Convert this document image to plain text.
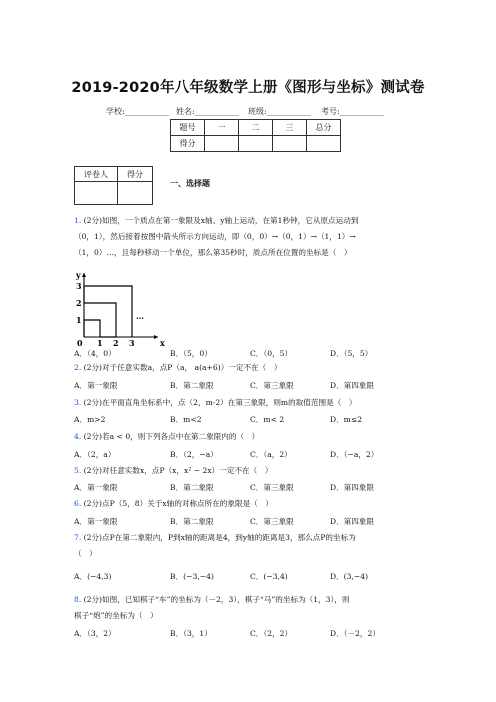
2019-2020年八年级数学上册《图形与坐标》测试卷
学校:___________ 姓名:___________ 班级:___________ 考号:___________
题号	一	二	三	总分
得分				
评卷人	得分

一、选择题
1. (2分)如图，一个质点在第一象限及x轴、y轴上运动，在第1秒钟，它从原点运动到
（0，1），然后接着按图中箭头所示方向运动，即（0，0）→（0，1）→（1，1）→
（1，0）…，且每秒移动一个单位，那么第35秒时，质点所在位置的坐标是（　）
y
x
0
1
2
3
1 2 3
…
A．（4，0）	B．（5，0）	C．（0，5）	D．（5，5）
2. (2分)对于任意实数a，点P（a， a(a+6)）一定不在（　）
A．第一象限	B．第二象限	C．第三象限	D．第四象限
3. (2分)在平面直角坐标系中，点（2，m-2）在第三象限，则m的取值范围是（　）
A．m>2	B．m<2	C．m< 2	D．m≤2
4. (2分)若a < 0，则下列各点中在第二象限内的（　）
A．（2，a）	B．（2，−a）	C．（a，2）	D．（−a，2）
5. (2分)对任意实数x，点P（x，x² − 2x）一定不在（　）
A．第一象限	B．第二象限	C．第三象限	D．第四象限
6. (2分)点P（5，8）关于x轴的对称点所在的象限是（　）
A．第一象限	B．第二象限	C．第三象限	D．第四象限
7. (2分)点P在第二象限内，P到x轴的距离是4，到y轴的距离是3，那么点P的坐标为
（　）
A．(−4,3)	B．(−3,−4)	C．(−3,4)	D．(3,−4)
8. (2分)如图，已知棋子“车”的坐标为（－2，3），棋子“马”的坐标为（1，3），则
棋子“炮”的坐标为（　）
A．（3，2）	B．（3，1）	C．（2，2）	D．（－2，2）
